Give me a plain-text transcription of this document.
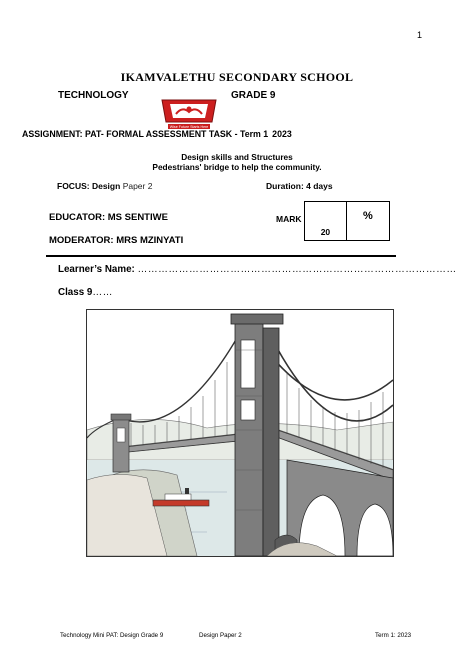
1
IKAMVALETHU SECONDARY SCHOOL
TECHNOLOGY	GRADE 9
Wise Future Starts Here
ASSIGNMENT: PAT- FORMAL ASSESSMENT TASK - Term 1 2023
Design skills and Structures
Pedestrians' bridge to help the community.
FOCUS: Design Paper 2	Duration: 4 days
EDUCATOR: MS SENTIWE
MODERATOR: MRS MZINYATI
MARK
20	%
Learner’s Name: …………………………………………………………………………………
Class 9……
Technology Mini PAT: Design Grade 9	Design Paper 2	Term 1: 2023
